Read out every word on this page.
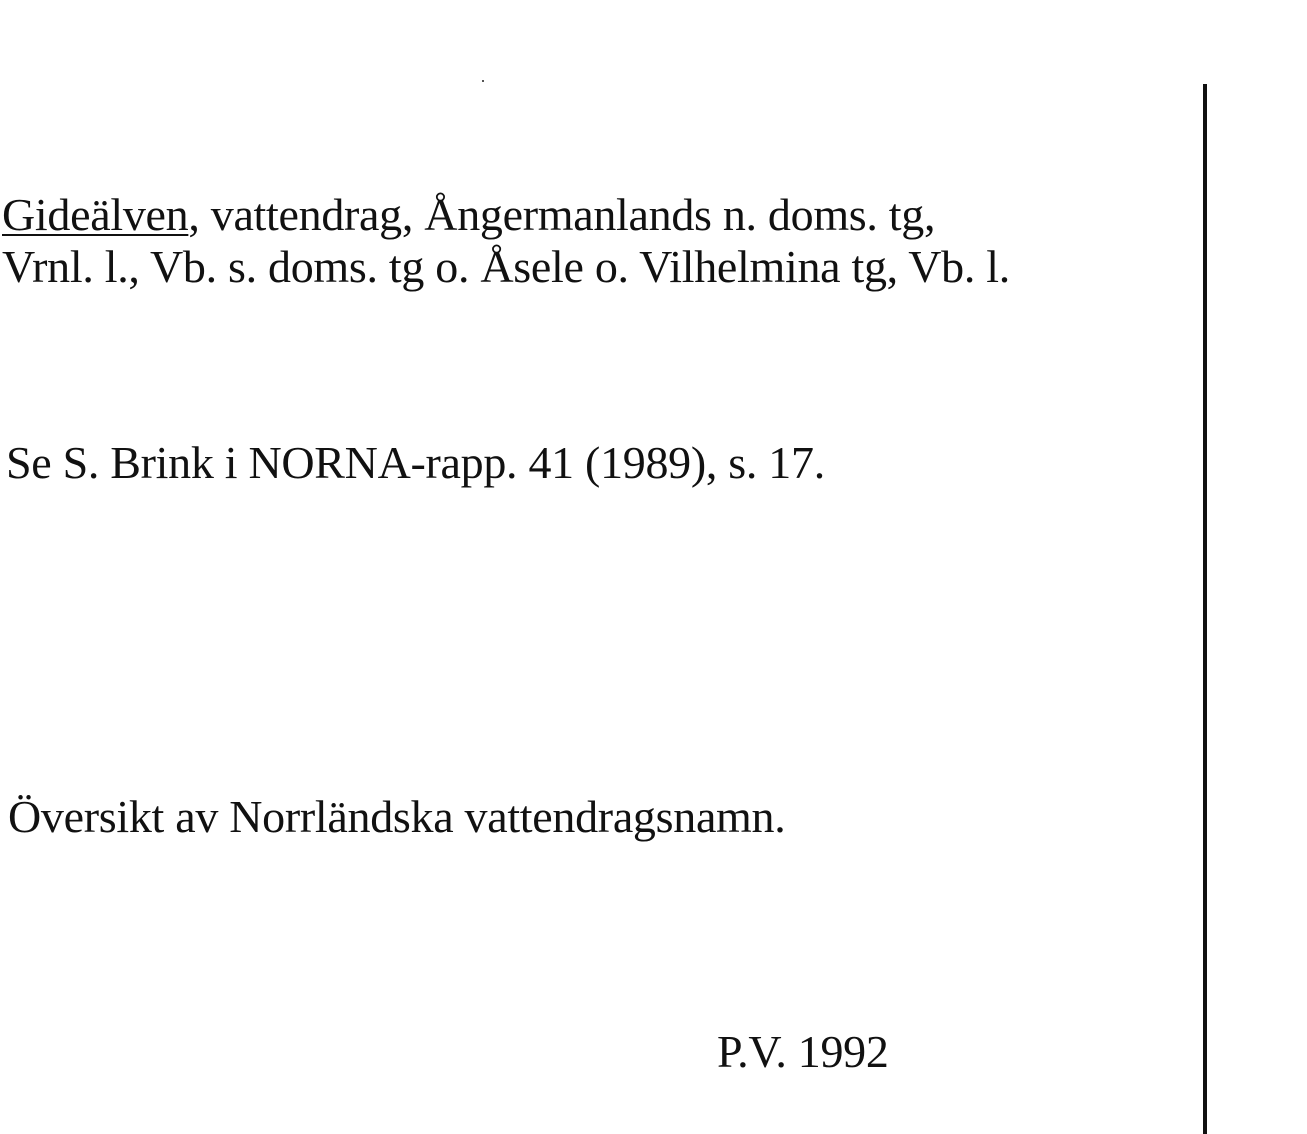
Gideälven, vattendrag, Ångermanlands n. doms. tg,
Vrnl. l., Vb. s. doms. tg o. Åsele o. Vilhelmina tg, Vb. l.
Se S. Brink i NORNA-rapp. 41 (1989), s. 17.
Översikt av Norrländska vattendragsnamn.
P.V. 1992
